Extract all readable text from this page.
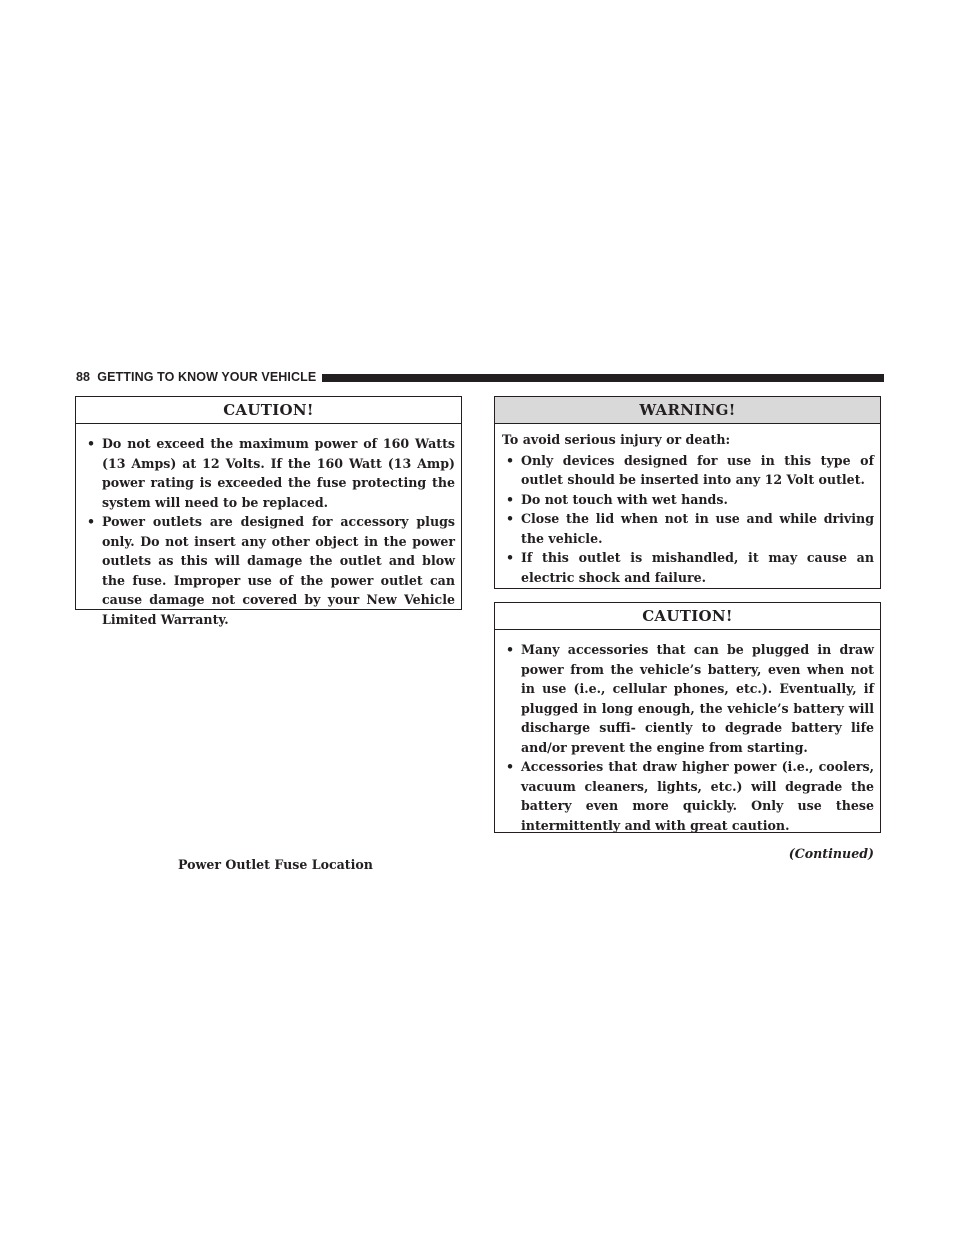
88 GETTING TO KNOW YOUR VEHICLE
CAUTION!
• Do not exceed the maximum power of 160 Watts (13 Amps) at 12 Volts. If the 160 Watt (13 Amp) power rating is exceeded the fuse protecting the system will need to be replaced.
• Power outlets are designed for accessory plugs only. Do not insert any other object in the power outlets as this will damage the outlet and blow the fuse. Improper use of the power outlet can cause damage not covered by your New Vehicle Limited Warranty.
WARNING!
To avoid serious injury or death:
• Only devices designed for use in this type of outlet should be inserted into any 12 Volt outlet.
• Do not touch with wet hands.
• Close the lid when not in use and while driving the vehicle.
• If this outlet is mishandled, it may cause an electric shock and failure.
CAUTION!
• Many accessories that can be plugged in draw power from the vehicle’s battery, even when not in use (i.e., cellular phones, etc.). Eventually, if plugged in long enough, the vehicle’s battery will discharge suffi- ciently to degrade battery life and/or prevent the engine from starting.
• Accessories that draw higher power (i.e., coolers, vacuum cleaners, lights, etc.) will degrade the battery even more quickly. Only use these intermittently and with great caution.
(Continued)
Power Outlet Fuse Location
